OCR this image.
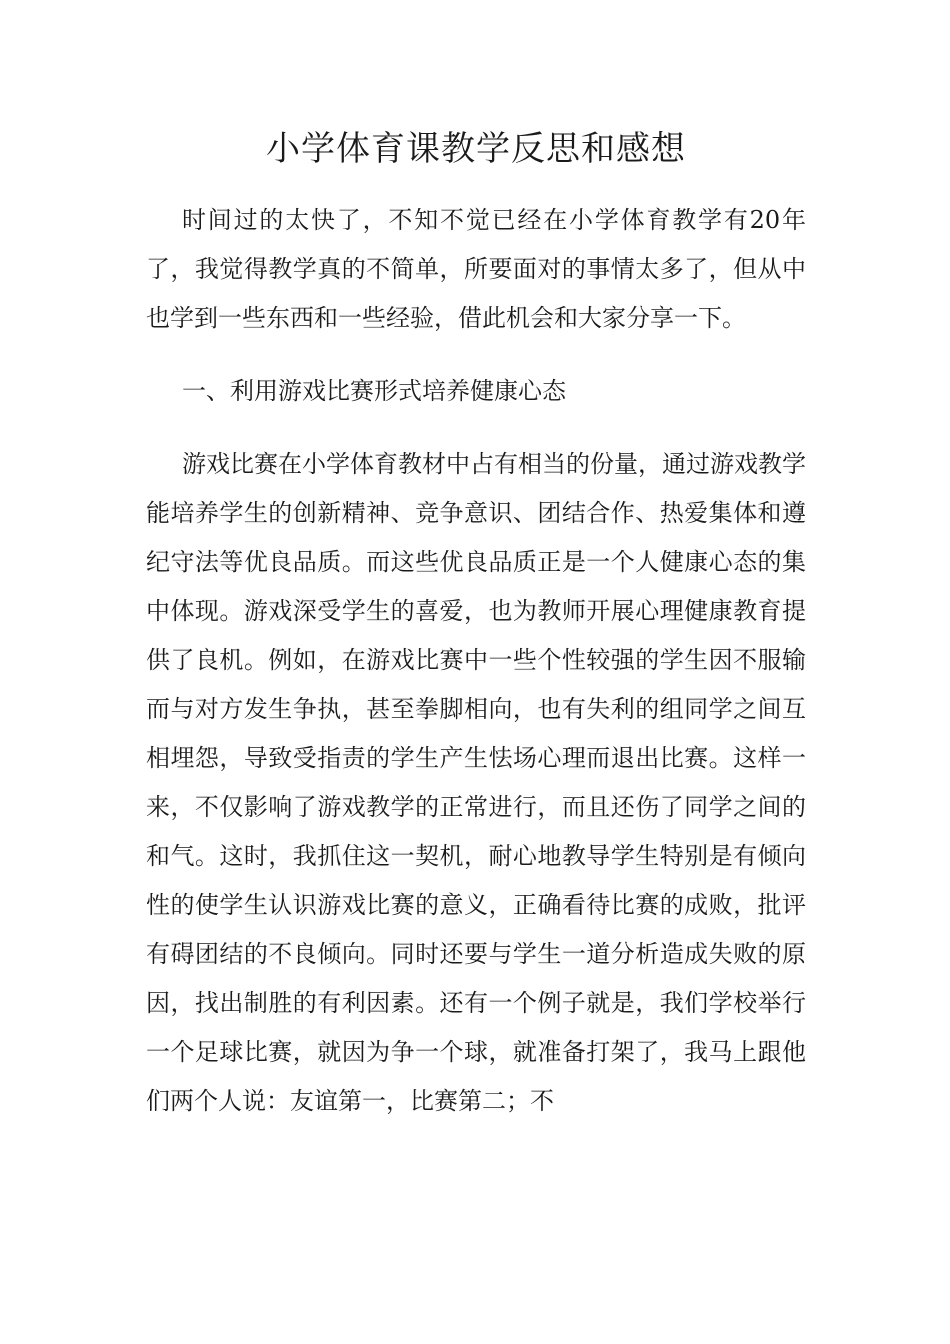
小学体育课教学反思和感想

时间过的太快了，不知不觉已经在小学体育教学有20年了，我觉得教学真的不简单，所要面对的事情太多了，但从中也学到一些东西和一些经验，借此机会和大家分享一下。

一、利用游戏比赛形式培养健康心态

游戏比赛在小学体育教材中占有相当的份量，通过游戏教学能培养学生的创新精神、竞争意识、团结合作、热爱集体和遵纪守法等优良品质。而这些优良品质正是一个人健康心态的集中体现。游戏深受学生的喜爱，也为教师开展心理健康教育提供了良机。例如，在游戏比赛中一些个性较强的学生因不服输而与对方发生争执，甚至拳脚相向，也有失利的组同学之间互相埋怨，导致受指责的学生产生怯场心理而退出比赛。这样一来，不仅影响了游戏教学的正常进行，而且还伤了同学之间的和气。这时，我抓住这一契机，耐心地教导学生特别是有倾向性的使学生认识游戏比赛的意义，正确看待比赛的成败，批评有碍团结的不良倾向。同时还要与学生一道分析造成失败的原因，找出制胜的有利因素。还有一个例子就是，我们学校举行一个足球比赛，就因为争一个球，就准备打架了，我马上跟他们两个人说：友谊第一，比赛第二；不
